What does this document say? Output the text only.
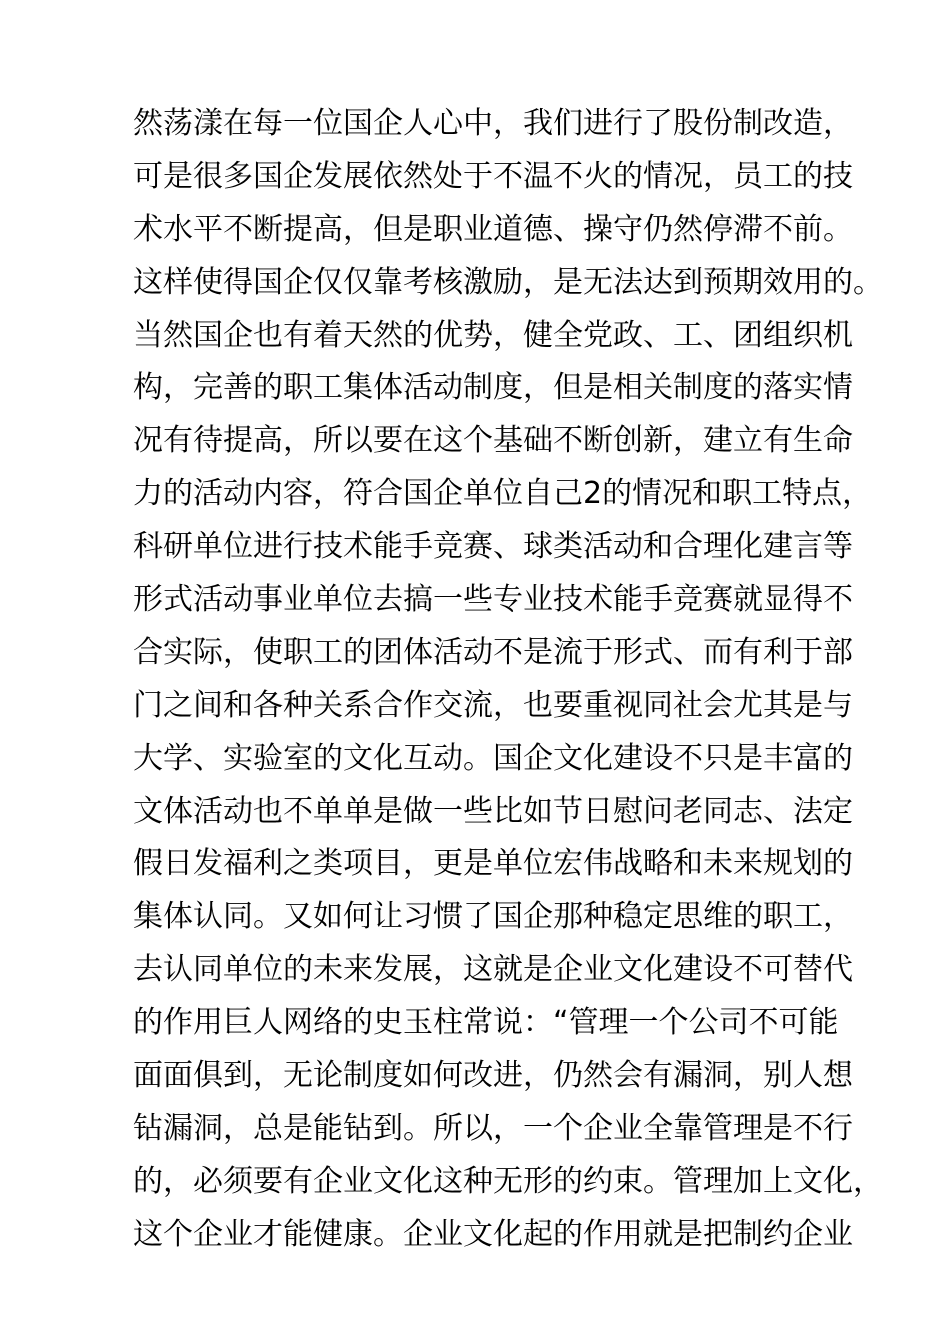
然荡漾在每一位国企人心中，我们进行了股份制改造，
可是很多国企发展依然处于不温不火的情况，员工的技
术水平不断提高，但是职业道德、操守仍然停滞不前。
这样使得国企仅仅靠考核激励，是无法达到预期效用的。
当然国企也有着天然的优势，健全党政、工、团组织机
构，完善的职工集体活动制度，但是相关制度的落实情
况有待提高，所以要在这个基础不断创新，建立有生命
力的活动内容，符合国企单位自己2的情况和职工特点，
科研单位进行技术能手竞赛、球类活动和合理化建言等
形式活动事业单位去搞一些专业技术能手竞赛就显得不
合实际，使职工的团体活动不是流于形式、而有利于部
门之间和各种关系合作交流，也要重视同社会尤其是与
大学、实验室的文化互动。国企文化建设不只是丰富的
文体活动也不单单是做一些比如节日慰问老同志、法定
假日发福利之类项目，更是单位宏伟战略和未来规划的
集体认同。又如何让习惯了国企那种稳定思维的职工，
去认同单位的未来发展，这就是企业文化建设不可替代
的作用巨人网络的史玉柱常说：“管理一个公司不可能
面面俱到，无论制度如何改进，仍然会有漏洞，别人想
钻漏洞，总是能钻到。所以，一个企业全靠管理是不行
的，必须要有企业文化这种无形的约束。管理加上文化，
这个企业才能健康。企业文化起的作用就是把制约企业
